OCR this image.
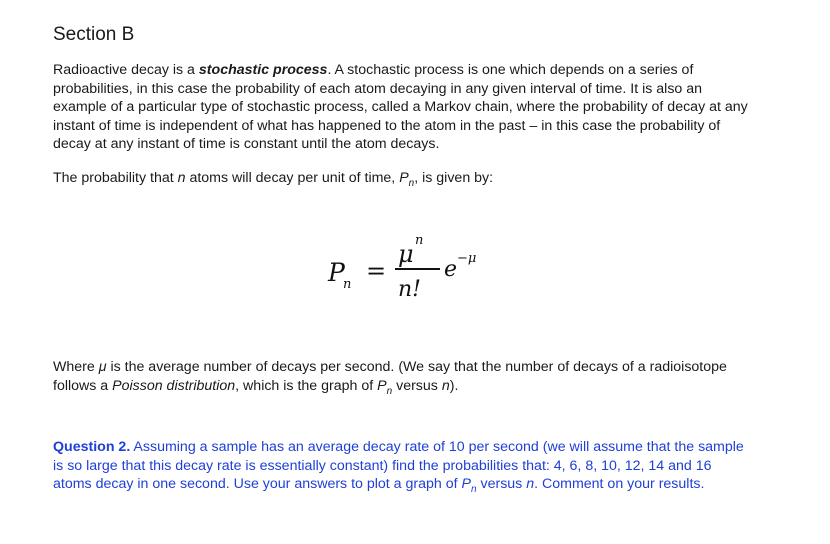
Section B

Radioactive decay is a stochastic process. A stochastic process is one which depends on a series of probabilities, in this case the probability of each atom decaying in any given interval of time. It is also an example of a particular type of stochastic process, called a Markov chain, where the probability of decay at any instant of time is independent of what has happened to the atom in the past – in this case the probability of decay at any instant of time is constant until the atom decays.

The probability that n atoms will decay per unit of time, $P_n$, is given by:

P
n =
μ n
n!
e −μ

Where μ is the average number of decays per second. (We say that the number of decays of a radioisotope follows a Poisson distribution, which is the graph of $P_n$ versus n).

Question 2. Assuming a sample has an average decay rate of 10 per second (we will assume that the sample is so large that this decay rate is essentially constant) find the probabilities that: 4, 6, 8, 10, 12, 14 and 16 atoms decay in one second. Use your answers to plot a graph of $P_n$ versus n. Comment on your results.
